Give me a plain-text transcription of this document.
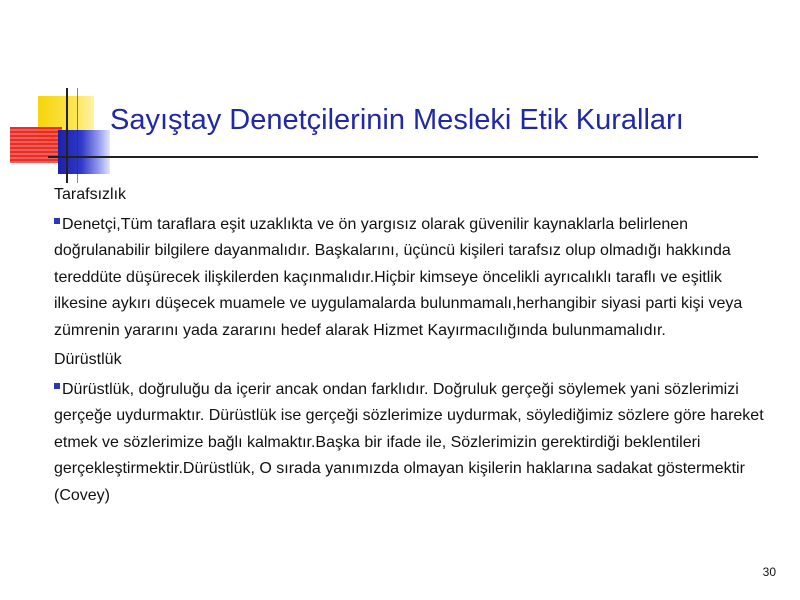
Sayıştay Denetçilerinin Mesleki Etik Kuralları

Tarafsızlık

Denetçi,Tüm taraflara eşit uzaklıkta ve ön yargısız olarak güvenilir kaynaklarla belirlenen doğrulanabilir bilgilere dayanmalıdır. Başkalarını, üçüncü kişileri tarafsız olup olmadığı hakkında tereddüte düşürecek ilişkilerden kaçınmalıdır.Hiçbir kimseye öncelikli ayrıcalıklı taraflı ve eşitlik ilkesine aykırı düşecek muamele ve uygulamalarda bulunmamalı,herhangibir siyasi parti kişi veya zümrenin yararını yada zararını hedef alarak Hizmet Kayırmacılığında bulunmamalıdır.

Dürüstlük

Dürüstlük, doğruluğu da içerir ancak ondan farklıdır. Doğruluk gerçeği söylemek yani sözlerimizi gerçeğe uydurmaktır. Dürüstlük ise gerçeği sözlerimize uydurmak, söylediğimiz sözlere göre hareket etmek ve sözlerimize bağlı kalmaktır.Başka bir ifade ile, Sözlerimizin gerektirdiği beklentileri gerçekleştirmektir.Dürüstlük, O sırada yanımızda olmayan kişilerin haklarına sadakat göstermektir (Covey)

30
